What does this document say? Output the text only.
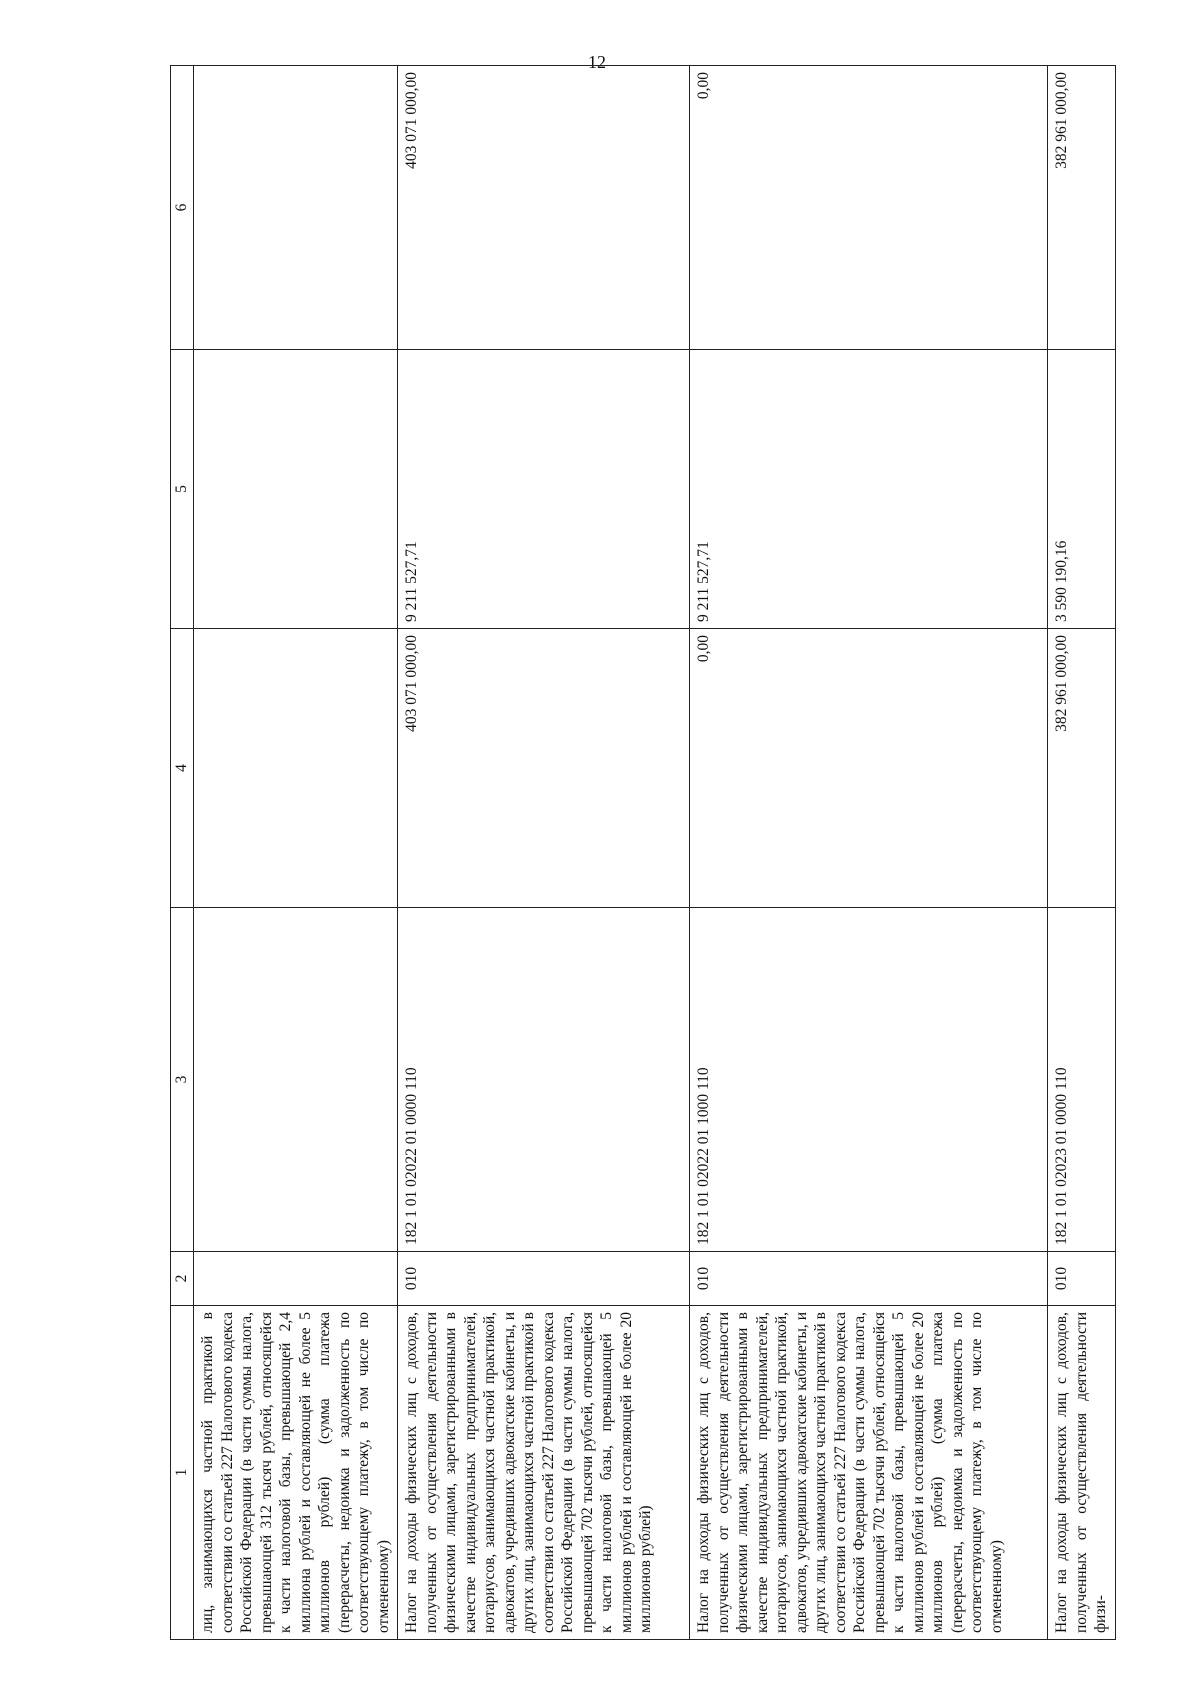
12
1	2	3	4	5	6
лиц, занимающихся частной практикой в соответствии со статьей 227 Налогового кодекса Российской Федерации (в части суммы налога, превышающей 312 тысяч рублей, относящейся к части налоговой базы, превышающей 2,4 миллиона рублей и составляющей не более 5 миллионов рублей) (сумма платежа (перерасчеты, недоимка и задолженность по соответствующему платежу, в том числе по отмененному)					
Налог на доходы физических лиц с доходов, полученных от осуществления деятельности физическими лицами, зарегистрированными в качестве индивидуальных предпринимателей, нотариусов, занимающихся частной практикой, адвокатов, учредивших адвокатские кабинеты, и других лиц, занимающихся частной практикой в соответствии со статьей 227 Налогового кодекса Российской Федерации (в части суммы налога, превышающей 702 тысячи рублей, относящейся к части налоговой базы, превышающей 5 миллионов рублей и составляющей не более 20 миллионов рублей)	010	182 1 01 02022 01 0000 110	403 071 000,00	9 211 527,71	403 071 000,00
Налог на доходы физических лиц с доходов, полученных от осуществления деятельности физическими лицами, зарегистрированными в качестве индивидуальных предпринимателей, нотариусов, занимающихся частной практикой, адвокатов, учредивших адвокатские кабинеты, и других лиц, занимающихся частной практикой в соответствии со статьей 227 Налогового кодекса Российской Федерации (в части суммы налога, превышающей 702 тысячи рублей, относящейся к части налоговой базы, превышающей 5 миллионов рублей и составляющей не более 20 миллионов рублей) (сумма платежа (перерасчеты, недоимка и задолженность по соответствующему платежу, в том числе по отмененному)	010	182 1 01 02022 01 1000 110	0,00	9 211 527,71	0,00
Налог на доходы физических лиц с доходов, полученных от осуществления деятельности физи-	010	182 1 01 02023 01 0000 110	382 961 000,00	3 590 190,16	382 961 000,00
